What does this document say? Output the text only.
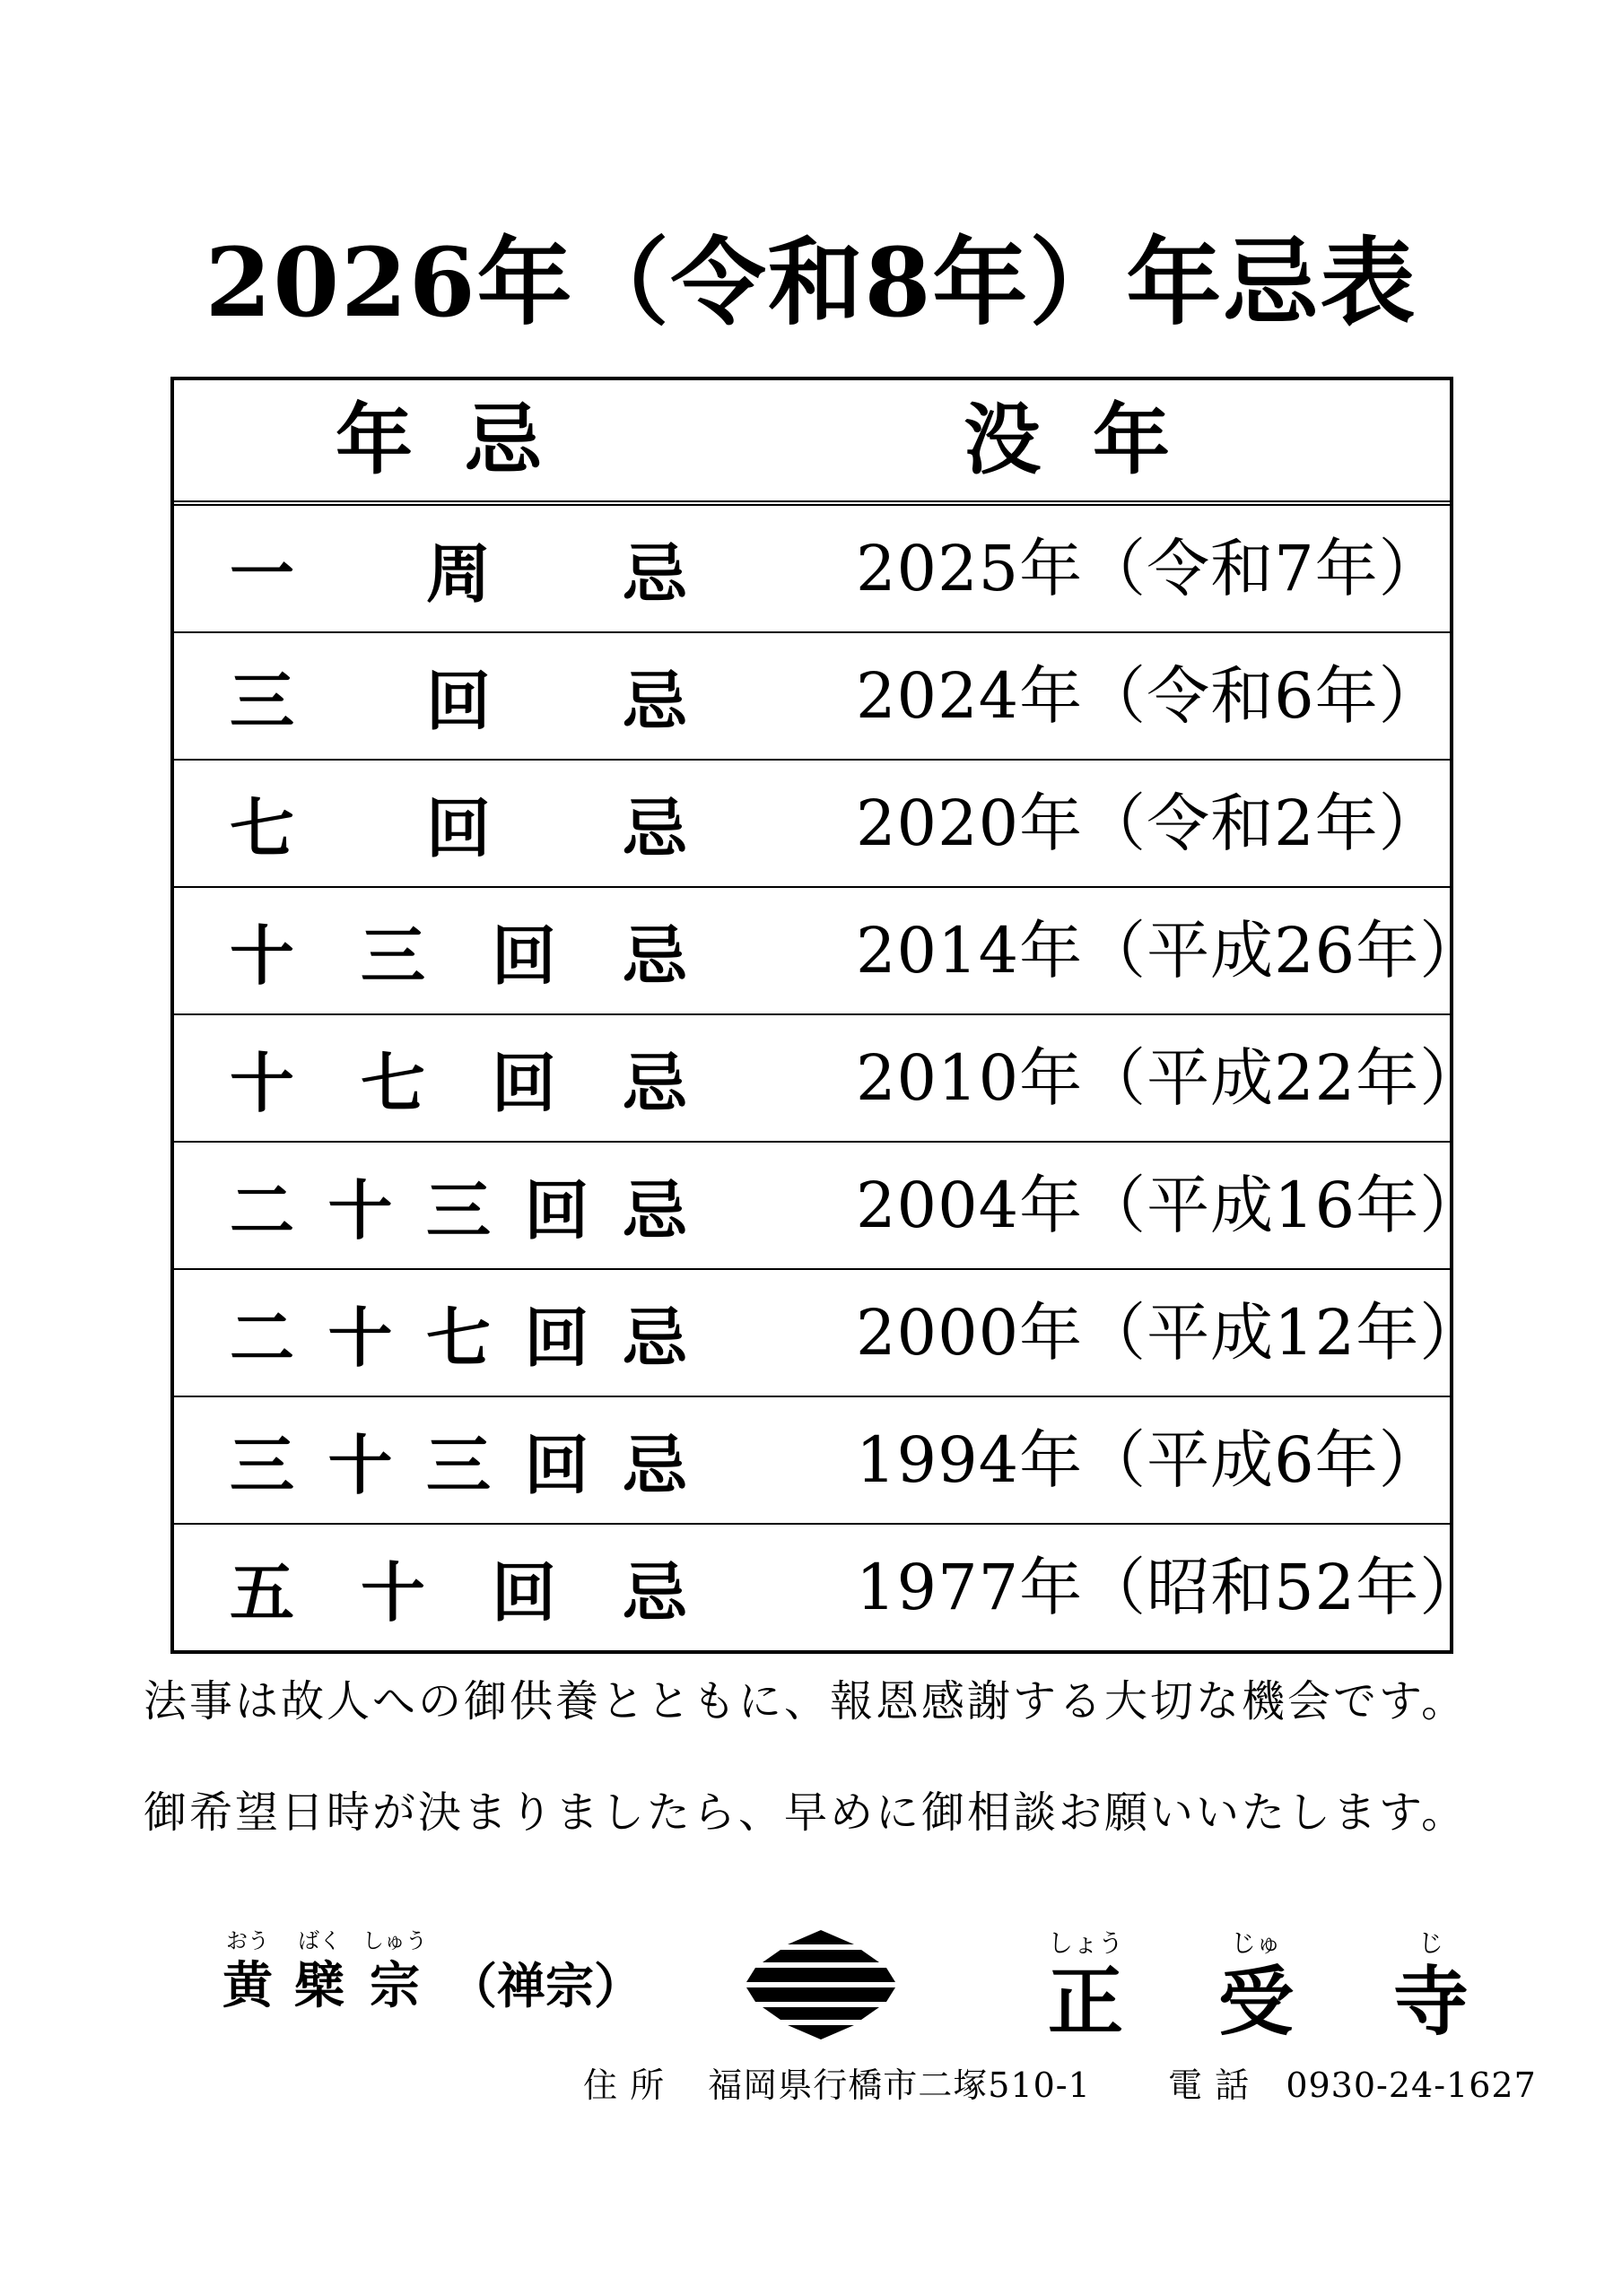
2026年（令和8年）年忌表
年忌	没年
一 周 忌	2025年（令和7年）
三 回 忌	2024年（令和6年）
七 回 忌	2020年（令和2年）
十 三 回 忌	2014年（平成26年）
十 七 回 忌	2010年（平成22年）
二 十 三 回 忌	2004年（平成16年）
二 十 七 回 忌	2000年（平成12年）
三 十 三 回 忌	1994年（平成6年）
五 十 回 忌	1977年（昭和52年）
法事は故人への御供養とともに、報恩感謝する大切な機会です。
御希望日時が決まりましたら、早めに御相談お願いいたします。
おう
黄
ばく
檗
しゅう
宗 （禅宗）
しょう
正
じゅ
受
じ
寺
住 所 福岡県行橋市二塚510-1 電 話 0930-24-1627
